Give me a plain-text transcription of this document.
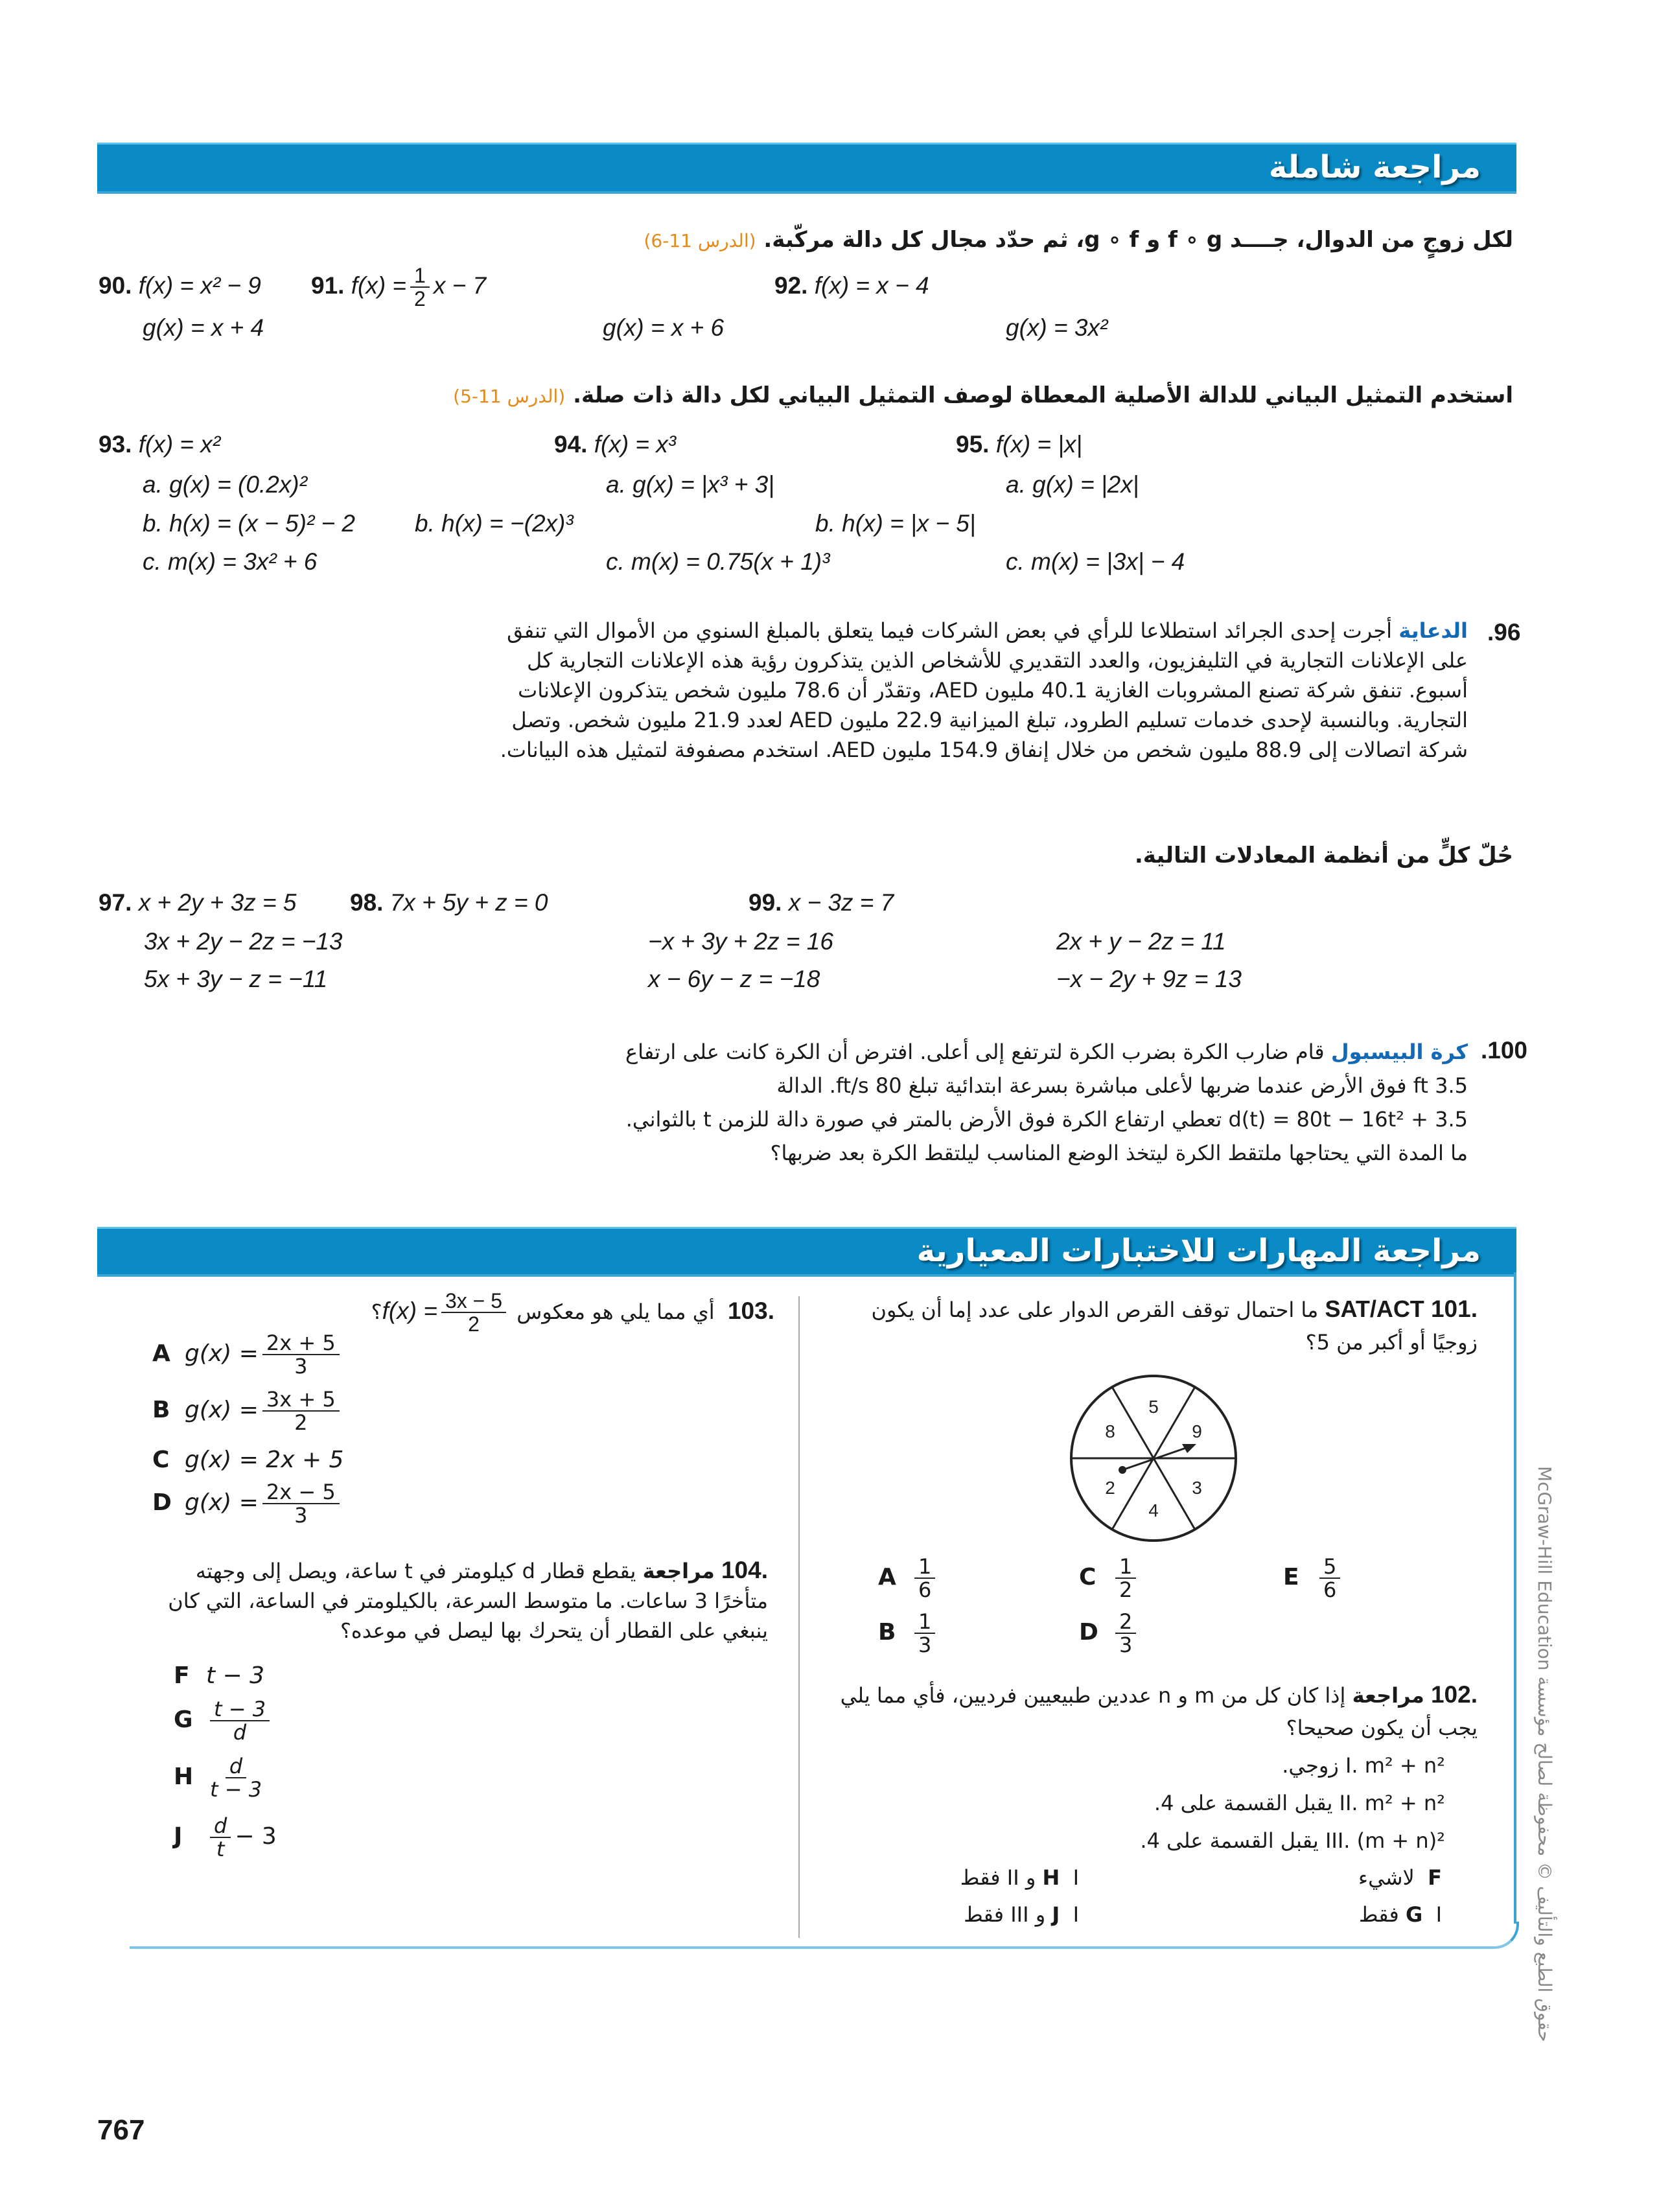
مراجعة شاملة
لكل زوجٍ من الدوال، جــــد f ∘ g و g ∘ f، ثم حدّد مجال كل دالة مركّبة. (الدرس 11-6)
90. f(x) = x² − 9
g(x) = x + 4
91. $f(x) = \frac{1}{2}$ x − 7
g(x) = x + 6
92. f(x) = x − 4
g(x) = 3x²
استخدم التمثيل البياني للدالة الأصلية المعطاة لوصف التمثيل البياني لكل دالة ذات صلة. (الدرس 11-5)
93. f(x) = x²
a. g(x) = (0.2x)²
b. h(x) = (x − 5)² − 2
c. m(x) = 3x² + 6
94. f(x) = x³
a. g(x) = |x³ + 3|
b. h(x) = −(2x)³
c. m(x) = 0.75(x + 1)³
95. f(x) = |x|
a. g(x) = |2x|
b. h(x) = |x − 5|
c. m(x) = |3x| − 4
.96
الدعاية أجرت إحدى الجرائد استطلاعا للرأي في بعض الشركات فيما يتعلق بالمبلغ السنوي من الأموال التي تنفق على الإعلانات التجارية في التليفزيون، والعدد التقديري للأشخاص الذين يتذكرون رؤية هذه الإعلانات التجارية كل أسبوع. تنفق شركة تصنع المشروبات الغازية 40.1 مليون AED، وتقدّر أن 78.6 مليون شخص يتذكرون الإعلانات التجارية. وبالنسبة لإحدى خدمات تسليم الطرود، تبلغ الميزانية 22.9 مليون AED لعدد 21.9 مليون شخص. وتصل شركة اتصالات إلى 88.9 مليون شخص من خلال إنفاق 154.9 مليون AED. استخدم مصفوفة لتمثيل هذه البيانات.
حُلّ كلٍّ من أنظمة المعادلات التالية.
97. x + 2y + 3z = 5
3x + 2y − 2z = −13
5x + 3y − z = −11
98. 7x + 5y + z = 0
−x + 3y + 2z = 16
x − 6y − z = −18
99. x − 3z = 7
2x + y − 2z = 11
−x − 2y + 9z = 13
.100
كرة البيسبول قام ضارب الكرة بضرب الكرة لترتفع إلى أعلى. افترض أن الكرة كانت على ارتفاع
3.5 ft فوق الأرض عندما ضربها لأعلى مباشرة بسرعة ابتدائية تبلغ 80 ft/s. الدالة
d(t) = 80t − 16t² + 3.5 تعطي ارتفاع الكرة فوق الأرض بالمتر في صورة دالة للزمن t بالثواني.
ما المدة التي يحتاجها ملتقط الكرة ليتخذ الوضع المناسب ليلتقط الكرة بعد ضربها؟
مراجعة المهارات للاختبارات المعيارية
.101 SAT/ACT ما احتمال توقف القرص الدوار على عدد إما أن يكون زوجيًا أو أكبر من 5؟
5
9
3
4
2
8
A $\frac{1}{6}$
B $\frac{1}{3}$
C $\frac{1}{2}$
D $\frac{2}{3}$
E $\frac{5}{6}$
.102 مراجعة إذا كان كل من m و n عددين طبيعيين فرديين، فأي مما يلي يجب أن يكون صحيحا؟
I. m² + n² زوجي.
II. m² + n² يقبل القسمة على 4.
III. (m + n)² يقبل القسمة على 4.
F  لاشيء
G  I فقط
H  I و II فقط
J  I و III فقط
.103  أي مما يلي هو معكوس $f(x) = \frac{3x - 5}{2}$
؟
A $g(x) = \frac{2x + 5}{3}$
B $g(x) = \frac{3x + 5}{2}$
C g(x) = 2x + 5
D $g(x) = \frac{2x - 5}{3}$
.104 مراجعة يقطع قطار d كيلومتر في t ساعة، ويصل إلى وجهته متأخرًا 3 ساعات. ما متوسط السرعة، بالكيلومتر في الساعة، التي كان ينبغي على القطار أن يتحرك بها ليصل في موعده؟
F t − 3
G $\frac{t - 3}{d}$
H $\frac{d}{t - 3}$
J $\frac{d}{t} - 3$
767
حقوق الطبع والتأليف © محفوظة لصالح مؤسسة McGraw-Hill Education
